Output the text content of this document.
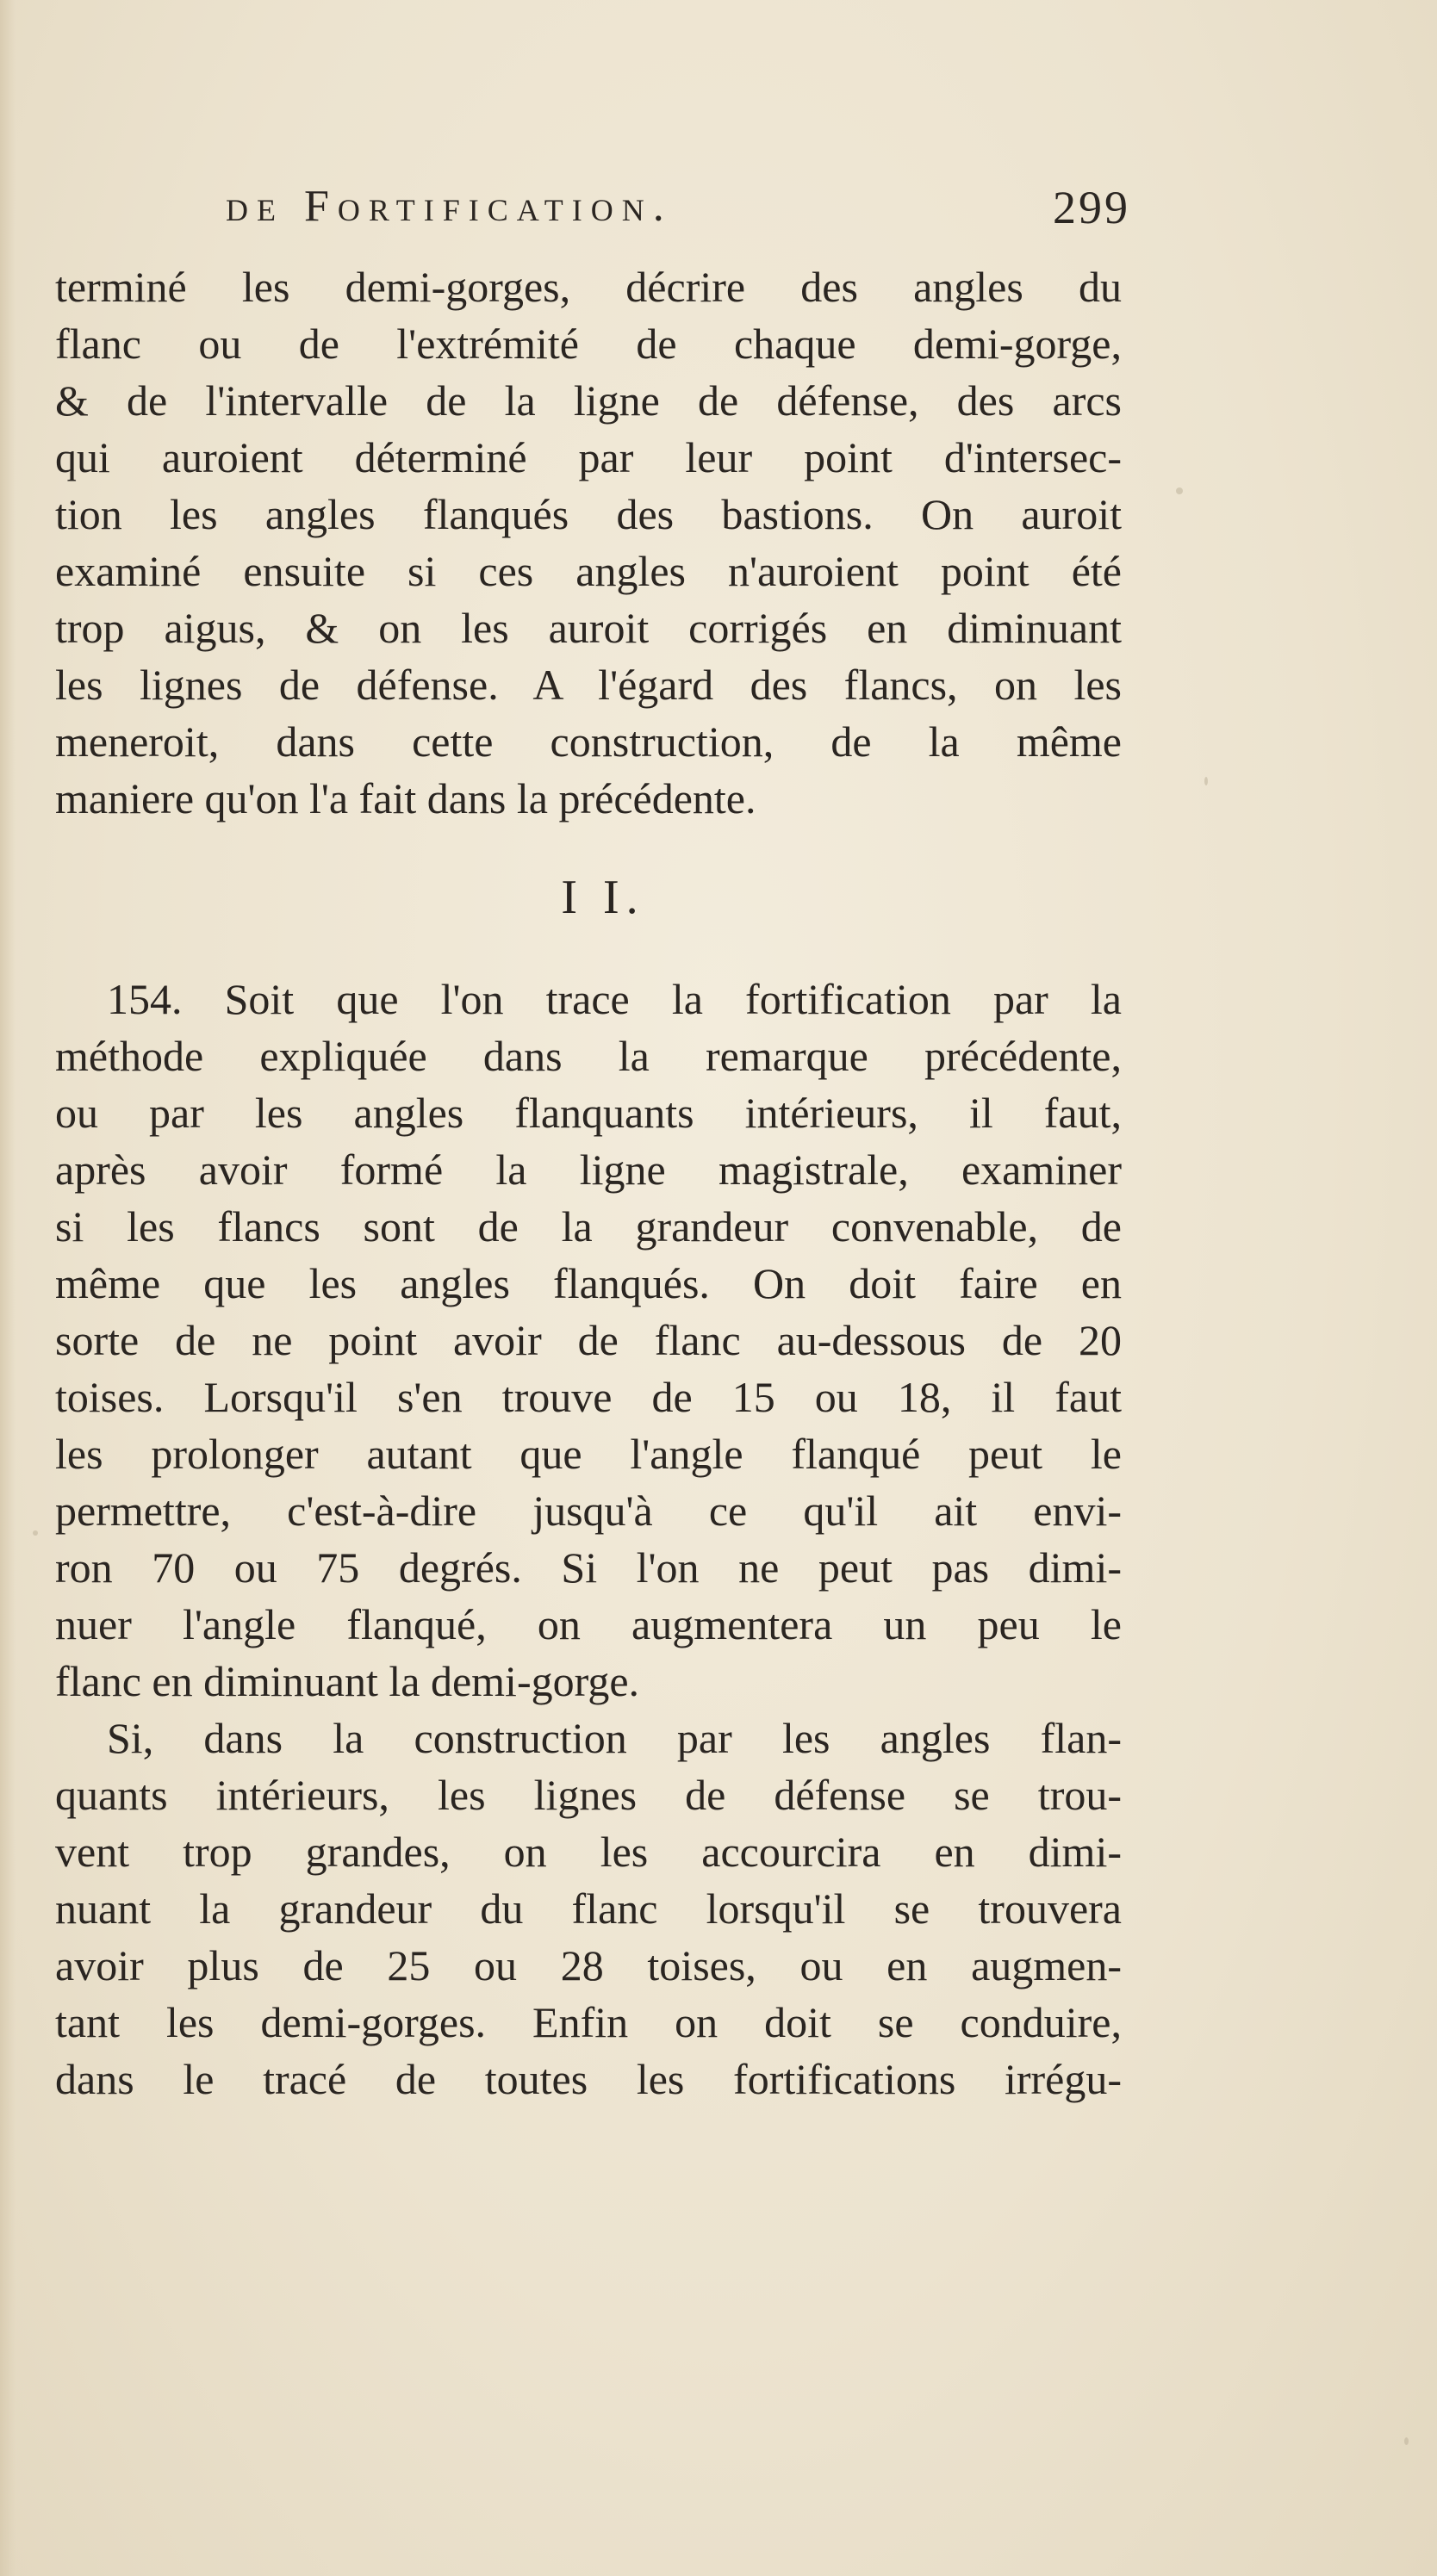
de Fortification.	299
terminé les demi-gorges, décrire des angles du
flanc ou de l'extrémité de chaque demi-gorge,
& de l'intervalle de la ligne de défense, des arcs
qui auroient déterminé par leur point d'intersec-
tion les angles flanqués des bastions. On auroit
examiné ensuite si ces angles n'auroient point été
trop aigus, & on les auroit corrigés en diminuant
les lignes de défense. A l'égard des flancs, on les
meneroit, dans cette construction, de la même
maniere qu'on l'a fait dans la précédente.
I I.
154. Soit que l'on trace la fortification par la
méthode expliquée dans la remarque précédente,
ou par les angles flanquants intérieurs, il faut,
après avoir formé la ligne magistrale, examiner
si les flancs sont de la grandeur convenable, de
même que les angles flanqués. On doit faire en
sorte de ne point avoir de flanc au-dessous de 20
toises. Lorsqu'il s'en trouve de 15 ou 18, il faut
les prolonger autant que l'angle flanqué peut le
permettre, c'est-à-dire jusqu'à ce qu'il ait envi-
ron 70 ou 75 degrés. Si l'on ne peut pas dimi-
nuer l'angle flanqué, on augmentera un peu le
flanc en diminuant la demi-gorge.
Si, dans la construction par les angles flan-
quants intérieurs, les lignes de défense se trou-
vent trop grandes, on les accourcira en dimi-
nuant la grandeur du flanc lorsqu'il se trouvera
avoir plus de 25 ou 28 toises, ou en augmen-
tant les demi-gorges. Enfin on doit se conduire,
dans le tracé de toutes les fortifications irrégu-
